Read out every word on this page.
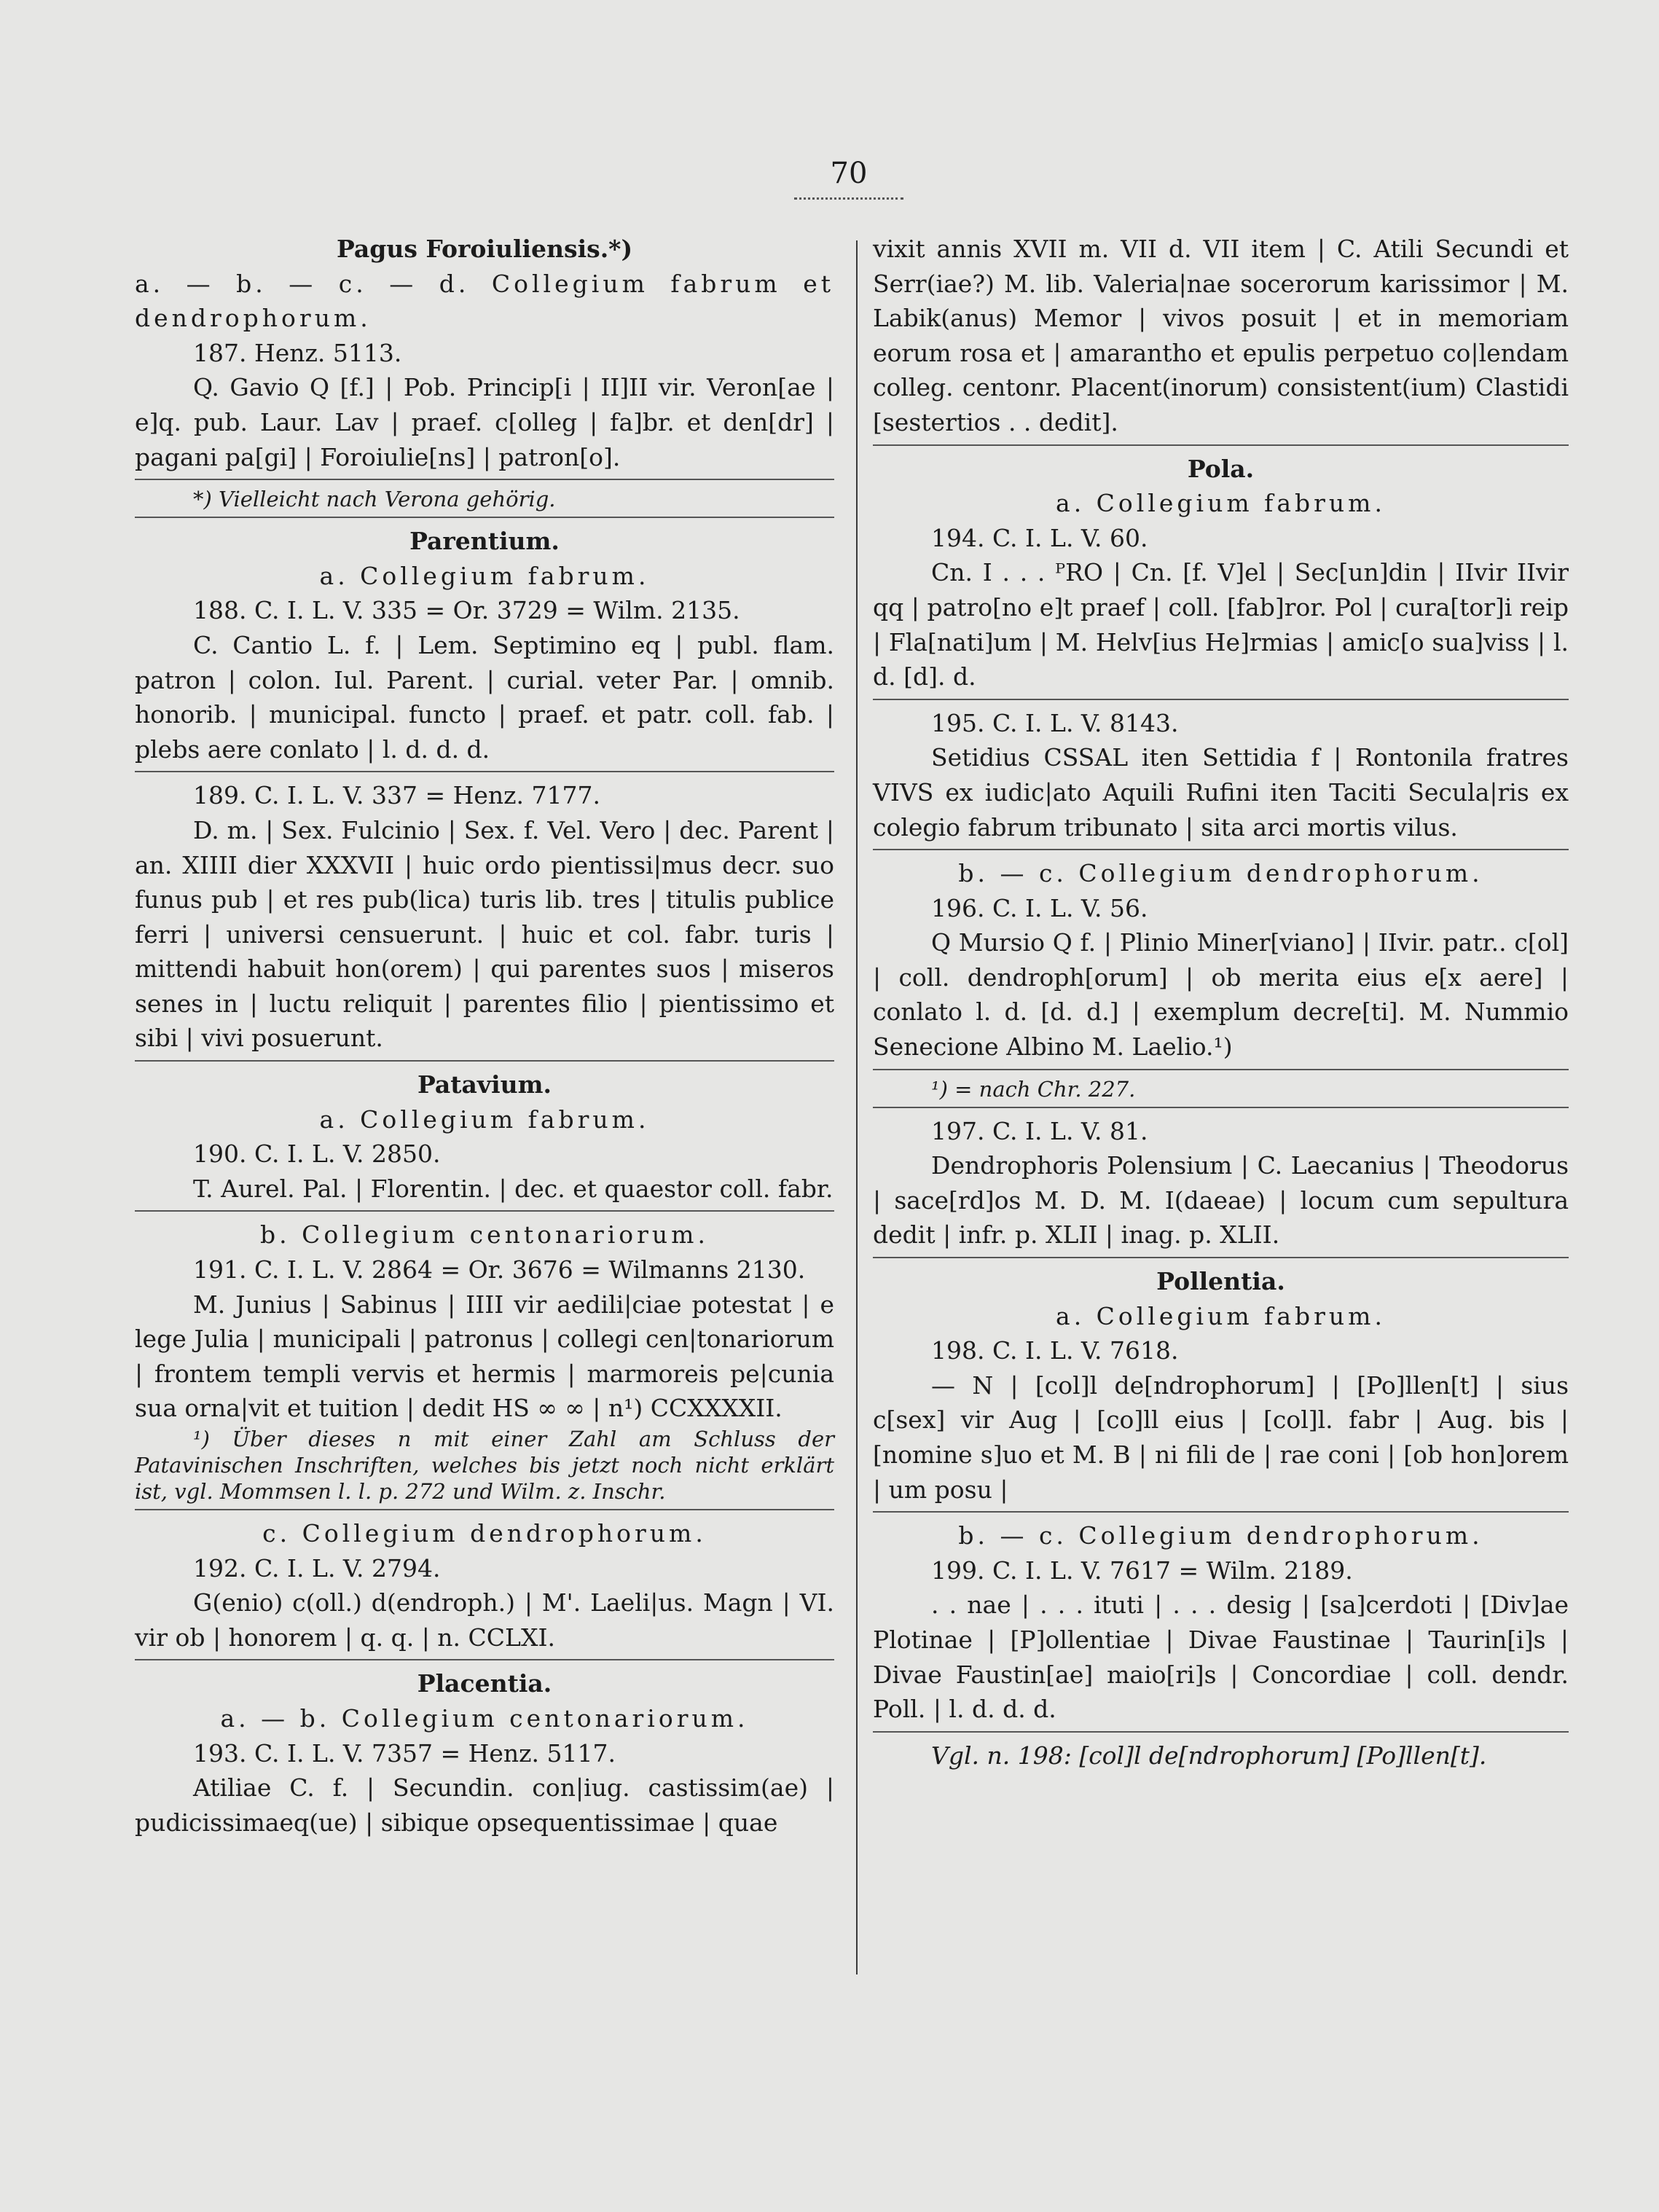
70

Pagus Foroiuliensis.*)

a. — b. — c. — d. Collegium fabrum et dendrophorum.

187. Henz. 5113.

Q. Gavio Q [f.] | Pob. Princip[i | II]II vir. Veron[ae | e]q. pub. Laur. Lav | praef. c[olleg | fa]br. et den[dr] | pagani pa[gi] | Foroiulie[ns] | patron[o].

*) Vielleicht nach Verona gehörig.

Parentium.

a. Collegium fabrum.

188. C. I. L. V. 335 = Or. 3729 = Wilm. 2135.

C. Cantio L. f. | Lem. Septimino eq | publ. flam. patron | colon. Iul. Parent. | curial. veter Par. | omnib. honorib. | municipal. functo | praef. et patr. coll. fab. | plebs aere conlato | l. d. d. d.

189. C. I. L. V. 337 = Henz. 7177.

D. m. | Sex. Fulcinio | Sex. f. Vel. Vero | dec. Parent | an. XIIII dier XXXVII | huic ordo pientissi|mus decr. suo funus pub | et res pub(lica) turis lib. tres | titulis publice ferri | universi censuerunt. | huic et col. fabr. turis | mittendi habuit hon(orem) | qui parentes suos | miseros senes in | luctu reliquit | parentes filio | pientissimo et sibi | vivi posuerunt.

Patavium.

a. Collegium fabrum.

190. C. I. L. V. 2850.

T. Aurel. Pal. | Florentin. | dec. et quaestor coll. fabr.

b. Collegium centonariorum.

191. C. I. L. V. 2864 = Or. 3676 = Wilmanns 2130.

M. Junius | Sabinus | IIII vir aedili|ciae potestat | e lege Julia | municipali | patronus | collegi cen|tonariorum | frontem templi vervis et hermis | marmoreis pe|cunia sua orna|vit et tuition | dedit HS ∞ ∞ | n¹) CCXXXXII.

¹) Über dieses n mit einer Zahl am Schluss der Patavinischen Inschriften, welches bis jetzt noch nicht erklärt ist, vgl. Mommsen l. l. p. 272 und Wilm. z. Inschr.

c. Collegium dendrophorum.

192. C. I. L. V. 2794.

G(enio) c(oll.) d(endroph.) | M'. Laeli|us. Magn | VI. vir ob | honorem | q. q. | n. CCLXI.

Placentia.

a. — b. Collegium centonariorum.

193. C. I. L. V. 7357 = Henz. 5117.

Atiliae C. f. | Secundin. con|iug. castissim(ae) | pudicissimaeq(ue) | sibique opsequentissimae | quae

vixit annis XVII m. VII d. VII item | C. Atili Secundi et Serr(iae?) M. lib. Valeria|nae socerorum karissimor | M. Labik(anus) Memor | vivos posuit | et in memoriam eorum rosa et | amarantho et epulis perpetuo co|lendam colleg. centonr. Placent(inorum) consistent(ium) Clastidi [sestertios . . dedit].

Pola.

a. Collegium fabrum.

194. C. I. L. V. 60.

Cn. I . . . ᴾRO | Cn. [f. V]el | Sec[un]din | IIvir IIvir qq | patro[no e]t praef | coll. [fab]ror. Pol | cura[tor]i reip | Fla[nati]um | M. Helv[ius He]rmias | amic[o sua]viss | l. d. [d]. d.

195. C. I. L. V. 8143.

Setidius CSSAL iten Settidia f | Rontonila fratres VIVS ex iudic|ato Aquili Rufini iten Taciti Secula|ris ex colegio fabrum tribunato | sita arci mortis vilus.

b. — c. Collegium dendrophorum.

196. C. I. L. V. 56.

Q Mursio Q f. | Plinio Miner[viano] | IIvir. patr.. c[ol] | coll. dendroph[orum] | ob merita eius e[x aere] | conlato l. d. [d. d.] | exemplum decre[ti]. M. Nummio Senecione Albino M. Laelio.¹)

¹) = nach Chr. 227.

197. C. I. L. V. 81.

Dendrophoris Polensium | C. Laecanius | Theodorus | sace[rd]os M. D. M. I(daeae) | locum cum sepultura dedit | infr. p. XLII | inag. p. XLII.

Pollentia.

a. Collegium fabrum.

198. C. I. L. V. 7618.

— N | [col]l de[ndrophorum] | [Po]llen[t] | sius c[sex] vir Aug | [co]ll eius | [col]l. fabr | Aug. bis | [nomine s]uo et M. B | ni fili de | rae coni | [ob hon]orem | um posu |

b. — c. Collegium dendrophorum.

199. C. I. L. V. 7617 = Wilm. 2189.

. . nae | . . . ituti | . . . desig | [sa]cerdoti | [Div]ae Plotinae | [P]ollentiae | Divae Faustinae | Taurin[i]s | Divae Faustin[ae] maio[ri]s | Concordiae | coll. dendr. Poll. | l. d. d. d.

Vgl. n. 198: [col]l de[ndrophorum] [Po]llen[t].
